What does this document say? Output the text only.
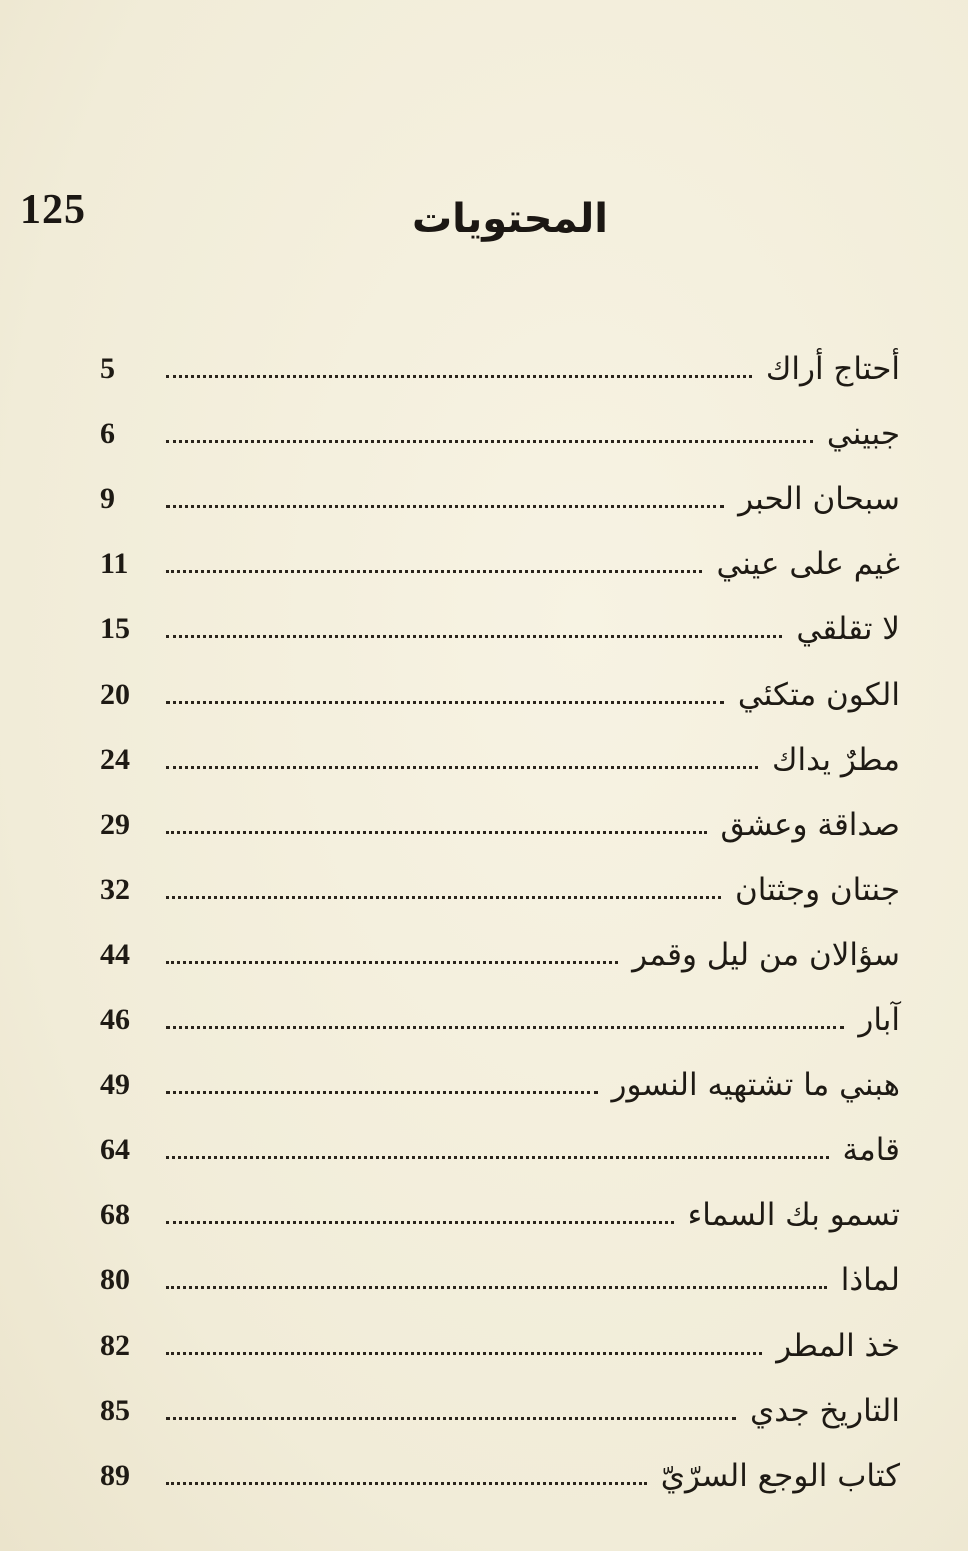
125	المحتويات
أحتاج أراك
5
جبيني
6
سبحان الحبر
9
غيم على عيني
11
لا تقلقي
15
الكون متكئي
20
مطرٌ يداك
24
صداقة وعشق
29
جنتان وجثتان
32
سؤالان من ليل وقمر
44
آبار
46
هبني ما تشتهيه النسور
49
قامة
64
تسمو بك السماء
68
لماذا
80
خذ المطر
82
التاريخ جدي
85
كتاب الوجع السرّيّ
89
